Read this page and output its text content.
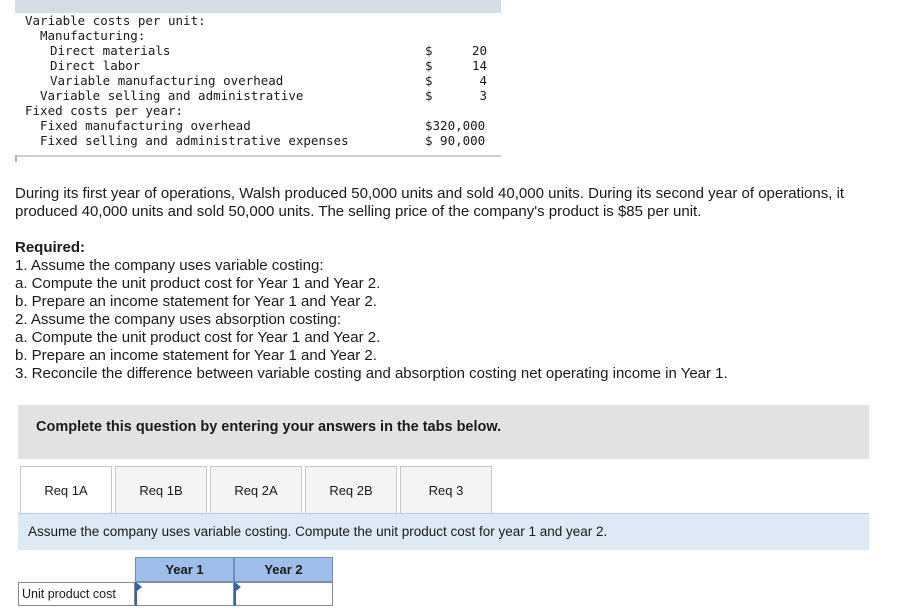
Variable costs per unit:
Manufacturing:
Direct materials	$	20
Direct labor	$	14
Variable manufacturing overhead	$	4
Variable selling and administrative	$	3
Fixed costs per year:
Fixed manufacturing overhead	$320,000
Fixed selling and administrative expenses	$ 90,000
During its first year of operations, Walsh produced 50,000 units and sold 40,000 units. During its second year of operations, it
produced 40,000 units and sold 50,000 units. The selling price of the company's product is $85 per unit.
Required:
1. Assume the company uses variable costing:
a. Compute the unit product cost for Year 1 and Year 2.
b. Prepare an income statement for Year 1 and Year 2.
2. Assume the company uses absorption costing:
a. Compute the unit product cost for Year 1 and Year 2.
b. Prepare an income statement for Year 1 and Year 2.
3. Reconcile the difference between variable costing and absorption costing net operating income in Year 1.
Complete this question by entering your answers in the tabs below.
Req 1A	Req 1B	Req 2A	Req 2B	Req 3
Assume the company uses variable costing. Compute the unit product cost for year 1 and year 2.
Year 1	Year 2
Unit product cost
